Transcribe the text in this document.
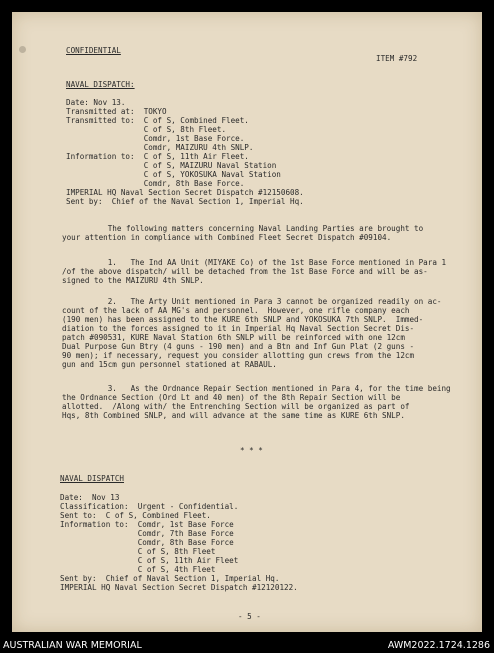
CONFIDENTIAL
ITEM #792
NAVAL DISPATCH:
Date: Nov 13.
Transmitted at:  TOKYO
Transmitted to:  C of S, Combined Fleet.
C of S, 8th Fleet.
Comdr, 1st Base Force.
Comdr, MAIZURU 4th SNLP.
Information to:  C of S, 11th Air Fleet.
C of S, MAIZURU Naval Station
C of S, YOKOSUKA Naval Station
Comdr, 8th Base Force.
IMPERIAL HQ Naval Section Secret Dispatch #12150608.
Sent by:  Chief of the Naval Section 1, Imperial Hq.
The following matters concerning Naval Landing Parties are brought to
your attention in compliance with Combined Fleet Secret Dispatch #09104.
1.   The Ind AA Unit (MIYAKE Co) of the 1st Base Force mentioned in Para 1
/of the above dispatch/ will be detached from the 1st Base Force and will be as-
signed to the MAIZURU 4th SNLP.
2.   The Arty Unit mentioned in Para 3 cannot be organized readily on ac-
count of the lack of AA MG's and personnel.  However, one rifle company each
(190 men) has been assigned to the KURE 6th SNLP and YOKOSUKA 7th SNLP.  Immed-
diation to the forces assigned to it in Imperial Hq Naval Section Secret Dis-
patch #090531, KURE Naval Station 6th SNLP will be reinforced with one 12cm
Dual Purpose Gun Btry (4 guns - 190 men) and a Btn and Inf Gun Plat (2 guns -
90 men); if necessary, request you consider allotting gun crews from the 12cm
gun and 15cm gun personnel stationed at RABAUL.
3.   As the Ordnance Repair Section mentioned in Para 4, for the time being
the Ordnance Section (Ord Lt and 40 men) of the 8th Repair Section will be
allotted.  /Along with/ the Entrenching Section will be organized as part of
Hqs, 8th Combined SNLP, and will advance at the same time as KURE 6th SNLP.
* * *
NAVAL DISPATCH
Date:  Nov 13
Classification:  Urgent - Confidential.
Sent to:  C of S, Combined Fleet.
Information to:  Comdr, 1st Base Force
Comdr, 7th Base Force
Comdr, 8th Base Force
C of S, 8th Fleet
C of S, 11th Air Fleet
C of S, 4th Fleet
Sent by:  Chief of Naval Section 1, Imperial Hq.
IMPERIAL HQ Naval Section Secret Dispatch #12120122.
- 5 -
AUSTRALIAN WAR MEMORIAL	AWM2022.1724.1286
